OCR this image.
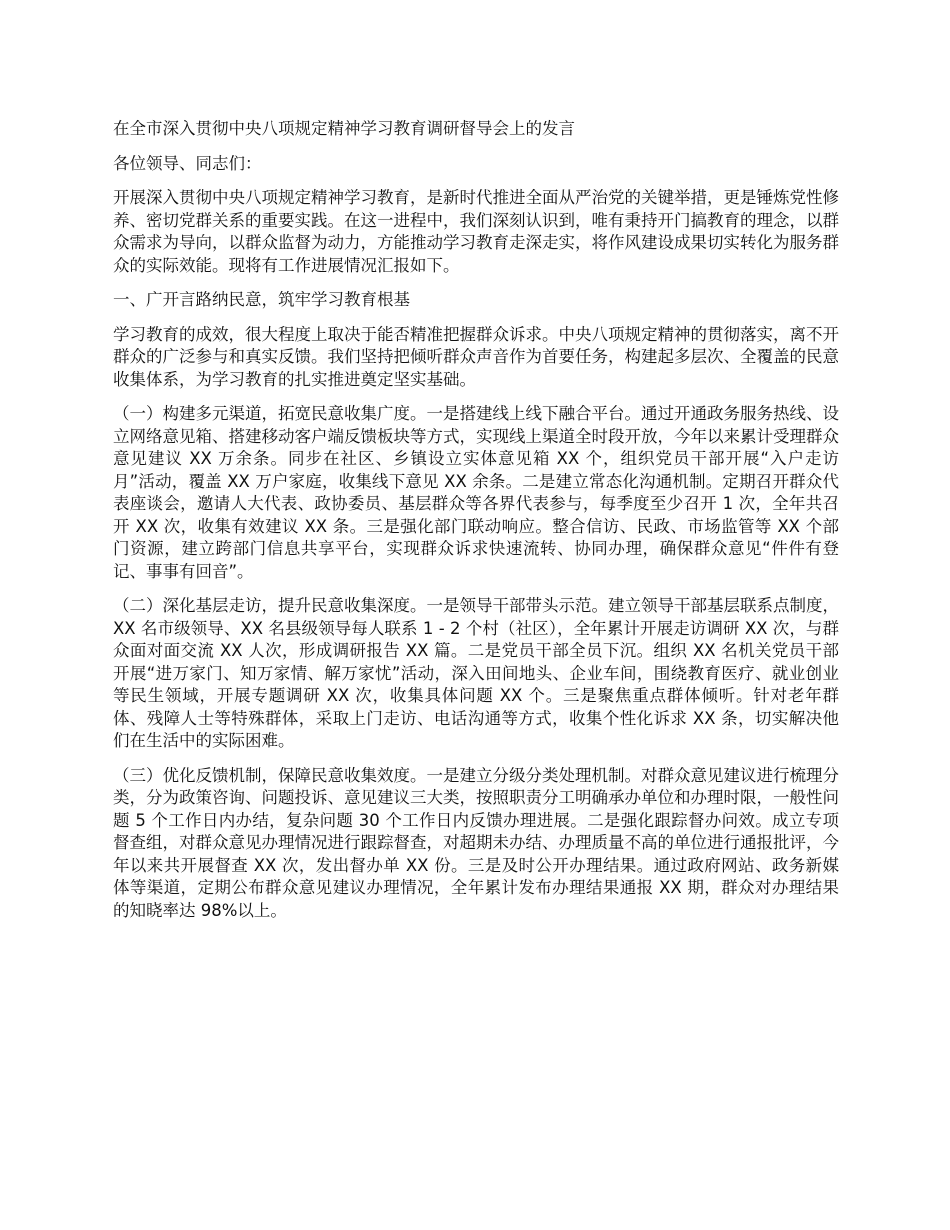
在全市深入贯彻中央八项规定精神学习教育调研督导会上的发言

各位领导、同志们：

开展深入贯彻中央八项规定精神学习教育，是新时代推进全面从严治党的关键举措，更是锤炼党性修养、密切党群关系的重要实践。在这一进程中，我们深刻认识到，唯有秉持开门搞教育的理念，以群众需求为导向，以群众监督为动力，方能推动学习教育走深走实，将作风建设成果切实转化为服务群众的实际效能。现将有工作进展情况汇报如下。

一、广开言路纳民意，筑牢学习教育根基

学习教育的成效，很大程度上取决于能否精准把握群众诉求。中央八项规定精神的贯彻落实，离不开群众的广泛参与和真实反馈。我们坚持把倾听群众声音作为首要任务，构建起多层次、全覆盖的民意收集体系，为学习教育的扎实推进奠定坚实基础。

（一）构建多元渠道，拓宽民意收集广度。一是搭建线上线下融合平台。通过开通政务服务热线、设立网络意见箱、搭建移动客户端反馈板块等方式，实现线上渠道全时段开放，今年以来累计受理群众意见建议 XX 万余条。同步在社区、乡镇设立实体意见箱 XX 个，组织党员干部开展“入户走访月”活动，覆盖 XX 万户家庭，收集线下意见 XX 余条。二是建立常态化沟通机制。定期召开群众代表座谈会，邀请人大代表、政协委员、基层群众等各界代表参与，每季度至少召开 1 次，全年共召开 XX 次，收集有效建议 XX 条。三是强化部门联动响应。整合信访、民政、市场监管等 XX 个部门资源，建立跨部门信息共享平台，实现群众诉求快速流转、协同办理，确保群众意见“件件有登记、事事有回音”。

（二）深化基层走访，提升民意收集深度。一是领导干部带头示范。建立领导干部基层联系点制度，XX 名市级领导、XX 名县级领导每人联系 1 - 2 个村（社区），全年累计开展走访调研 XX 次，与群众面对面交流 XX 人次，形成调研报告 XX 篇。二是党员干部全员下沉。组织 XX 名机关党员干部开展“进万家门、知万家情、解万家忧”活动，深入田间地头、企业车间，围绕教育医疗、就业创业等民生领域，开展专题调研 XX 次，收集具体问题 XX 个。三是聚焦重点群体倾听。针对老年群体、残障人士等特殊群体，采取上门走访、电话沟通等方式，收集个性化诉求 XX 条，切实解决他们在生活中的实际困难。

（三）优化反馈机制，保障民意收集效度。一是建立分级分类处理机制。对群众意见建议进行梳理分类，分为政策咨询、问题投诉、意见建议三大类，按照职责分工明确承办单位和办理时限，一般性问题 5 个工作日内办结，复杂问题 30 个工作日内反馈办理进展。二是强化跟踪督办问效。成立专项督查组，对群众意见办理情况进行跟踪督查，对超期未办结、办理质量不高的单位进行通报批评，今年以来共开展督查 XX 次，发出督办单 XX 份。三是及时公开办理结果。通过政府网站、政务新媒体等渠道，定期公布群众意见建议办理情况，全年累计发布办理结果通报 XX 期，群众对办理结果的知晓率达 98%以上。
